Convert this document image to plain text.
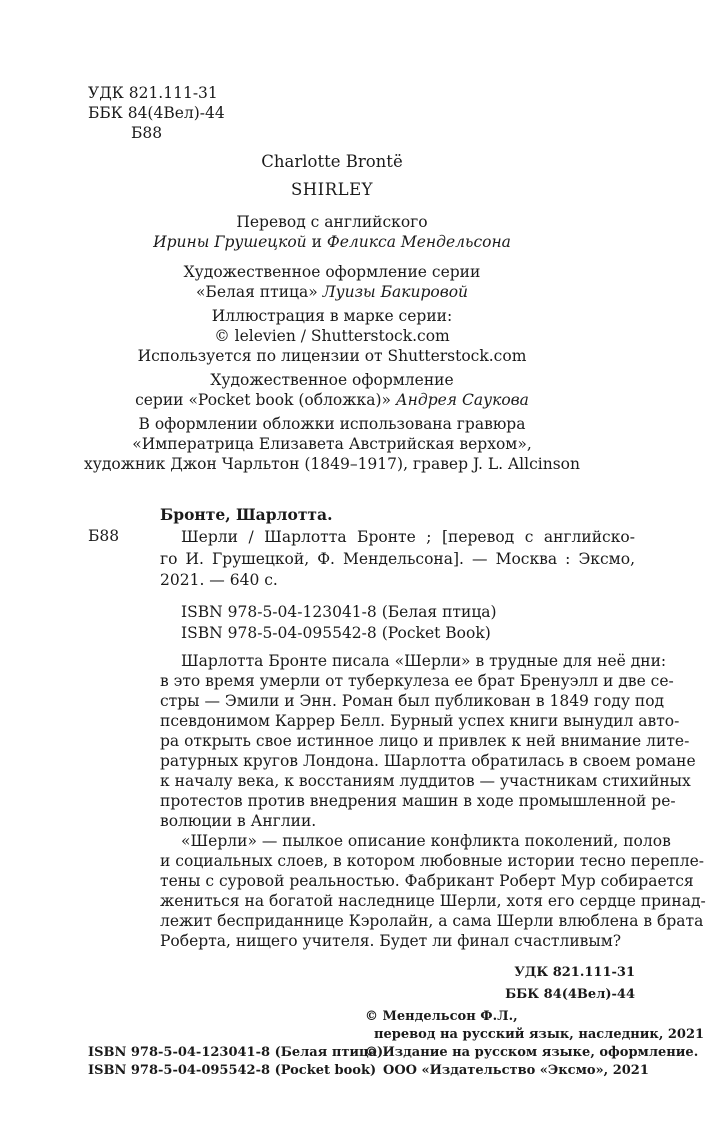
УДК 821.111-31
ББК 84(4Вел)-44
Б88
Charlotte Brontë
SHIRLEY
Перевод с английского
Ирины Грушецкой и Феликса Мендельсона
Художественное оформление серии
«Белая птица» Луизы Бакировой
Иллюстрация в марке серии:
© lelevien / Shutterstock.com
Используется по лицензии от Shutterstock.com
Художественное оформление
серии «Pocket book (обложка)» Андрея Саукова
В оформлении обложки использована гравюра
«Императрица Елизавета Австрийская верхом»,
художник Джон Чарльтон (1849–1917), гравер J. L. Allcinson
Бронте, Шарлотта.
Б88	Шерли / Шарлотта Бронте ; [перевод с английско-
го И. Грушецкой, Ф. Мендельсона]. — Москва : Эксмо,
2021. — 640 с.
ISBN 978-5-04-123041-8 (Белая птица)
ISBN 978-5-04-095542-8 (Pocket Book)
Шарлотта Бронте писала «Шерли» в трудные для неё дни:
в это время умерли от туберкулеза ее брат Бренуэлл и две се-
стры — Эмили и Энн. Роман был публикован в 1849 году под
псевдонимом Каррер Белл. Бурный успех книги вынудил авто-
ра открыть свое истинное лицо и привлек к ней внимание лите-
ратурных кругов Лондона. Шарлотта обратилась в своем романе
к началу века, к восстаниям луддитов — участникам стихийных
протестов против внедрения машин в ходе промышленной ре-
волюции в Англии.
«Шерли» — пылкое описание конфликта поколений, полов
и социальных слоев, в котором любовные истории тесно перепле-
тены с суровой реальностью. Фабрикант Роберт Мур собирается
жениться на богатой наследнице Шерли, хотя его сердце принад-
лежит бесприданнице Кэролайн, а сама Шерли влюблена в брата
Роберта, нищего учителя. Будет ли финал счастливым?
УДК 821.111-31
ББК 84(4Вел)-44
© Мендельсон Ф.Л.,
перевод на русский язык, наследник, 2021
ISBN 978-5-04-123041-8 (Белая птица)
ISBN 978-5-04-095542-8 (Pocket book)
© Издание на русском языке, оформление.
ООО «Издательство «Эксмо», 2021
